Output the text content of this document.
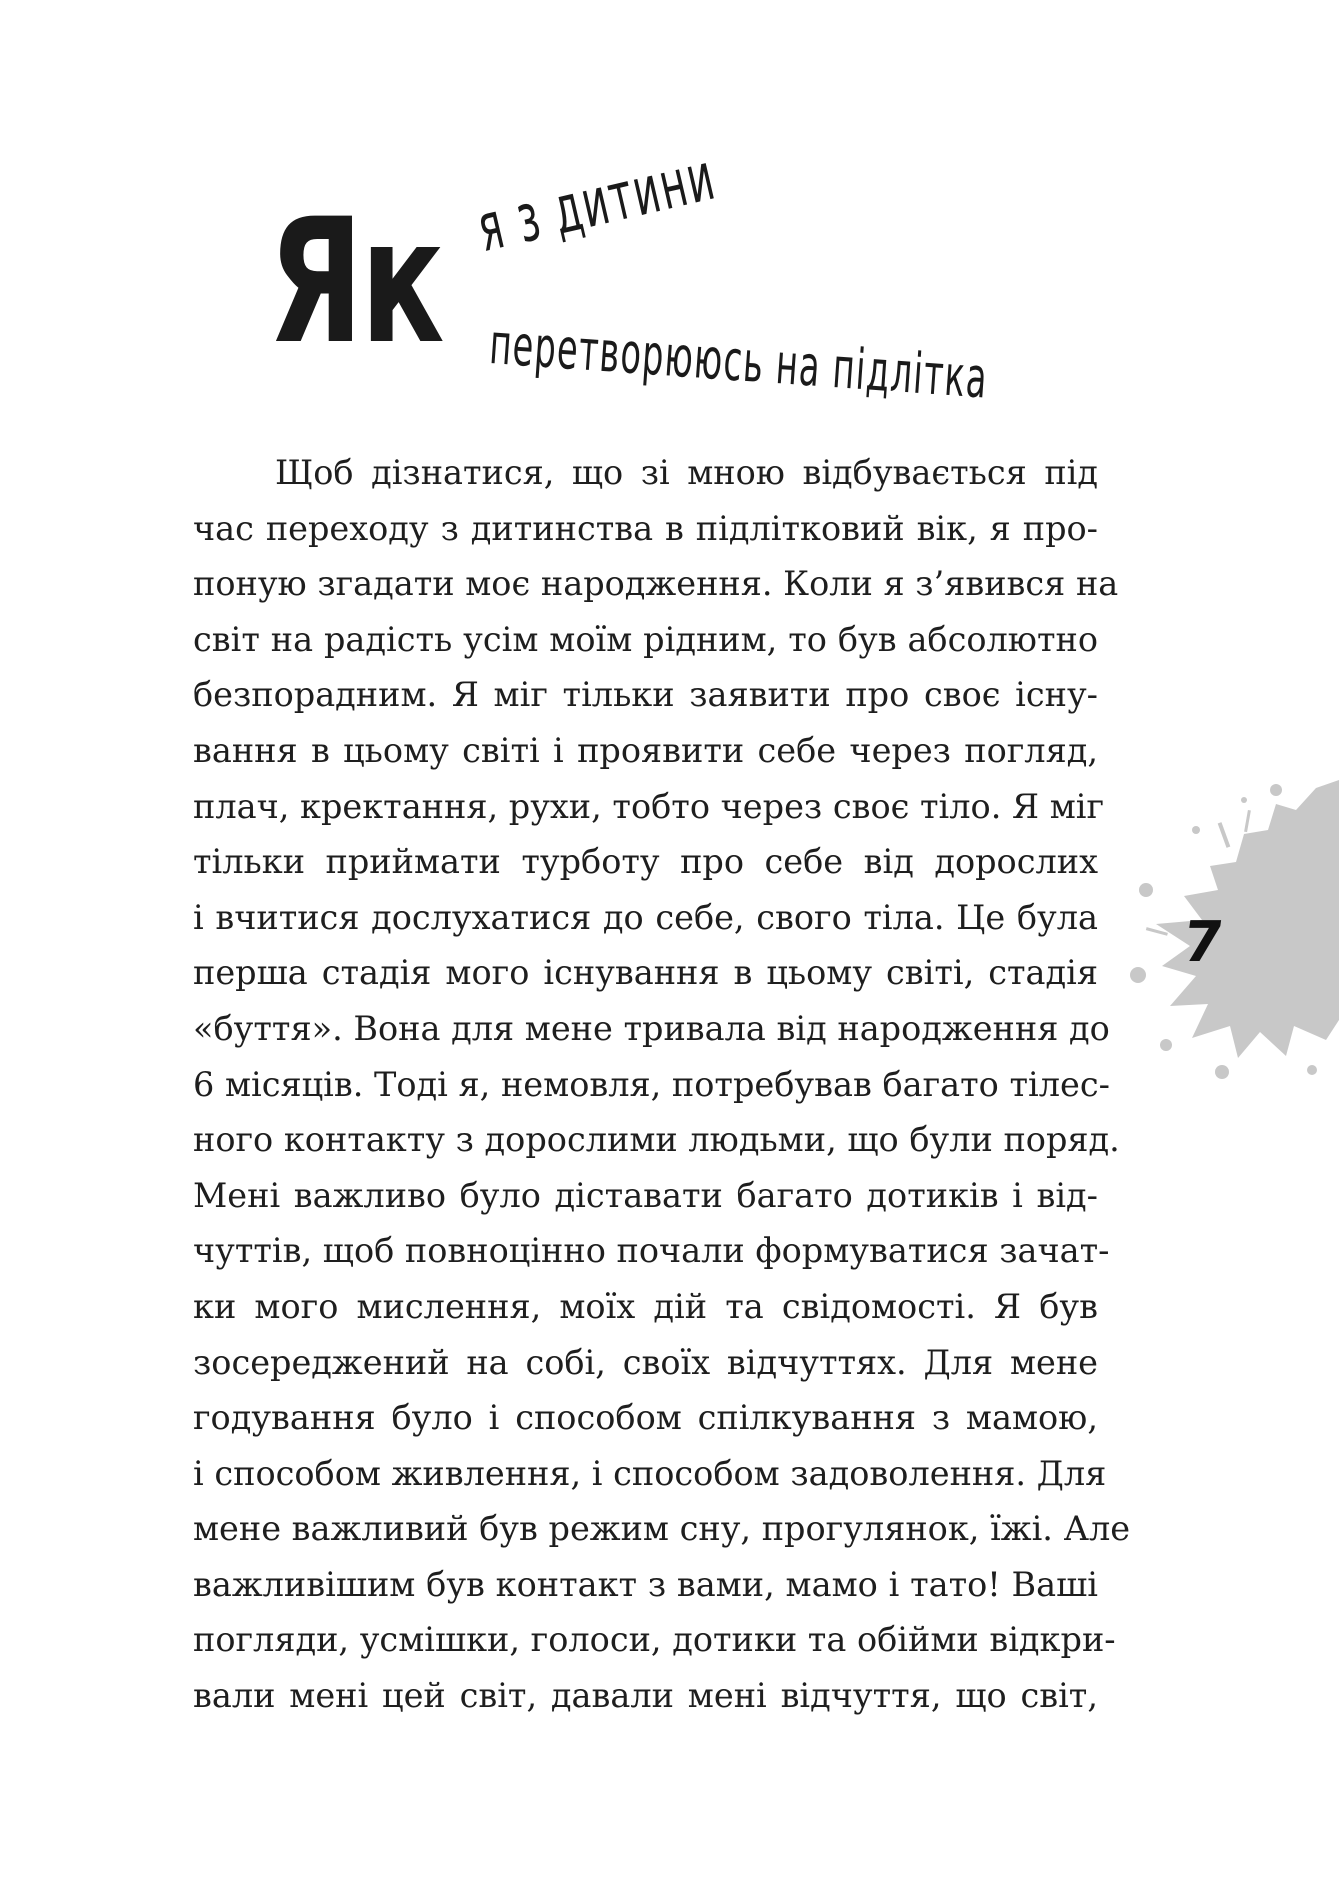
Як я з дитини
перетворююсь на підлітка
Щоб дізнатися, що зі мною відбувається під
час переходу з дитинства в підлітковий вік, я про-
поную згадати моє народження. Коли я з’явився на
світ на радість усім моїм рідним, то був абсолютно
безпорадним. Я міг тільки заявити про своє існу-
вання в цьому світі і проявити себе через погляд,
плач, кректання, рухи, тобто через своє тіло. Я міг
тільки приймати турботу про себе від дорослих
і вчитися дослухатися до себе, свого тіла. Це була
перша стадія мого існування в цьому світі, стадія
«буття». Вона для мене тривала від народження до
6 місяців. Тоді я, немовля, потребував багато тілес-
ного контакту з дорослими людьми, що були поряд.
Мені важливо було діставати багато дотиків і від-
чуттів, щоб повноцінно почали формуватися зачат-
ки мого мислення, моїх дій та свідомості. Я був
зосереджений на собі, своїх відчуттях. Для мене
годування було і способом спілкування з мамою,
і способом живлення, і способом задоволення. Для
мене важливий був режим сну, прогулянок, їжі. Але
важливішим був контакт з вами, мамо і тато! Ваші
погляди, усмішки, голоси, дотики та обійми відкри-
вали мені цей світ, давали мені відчуття, що світ,
7
